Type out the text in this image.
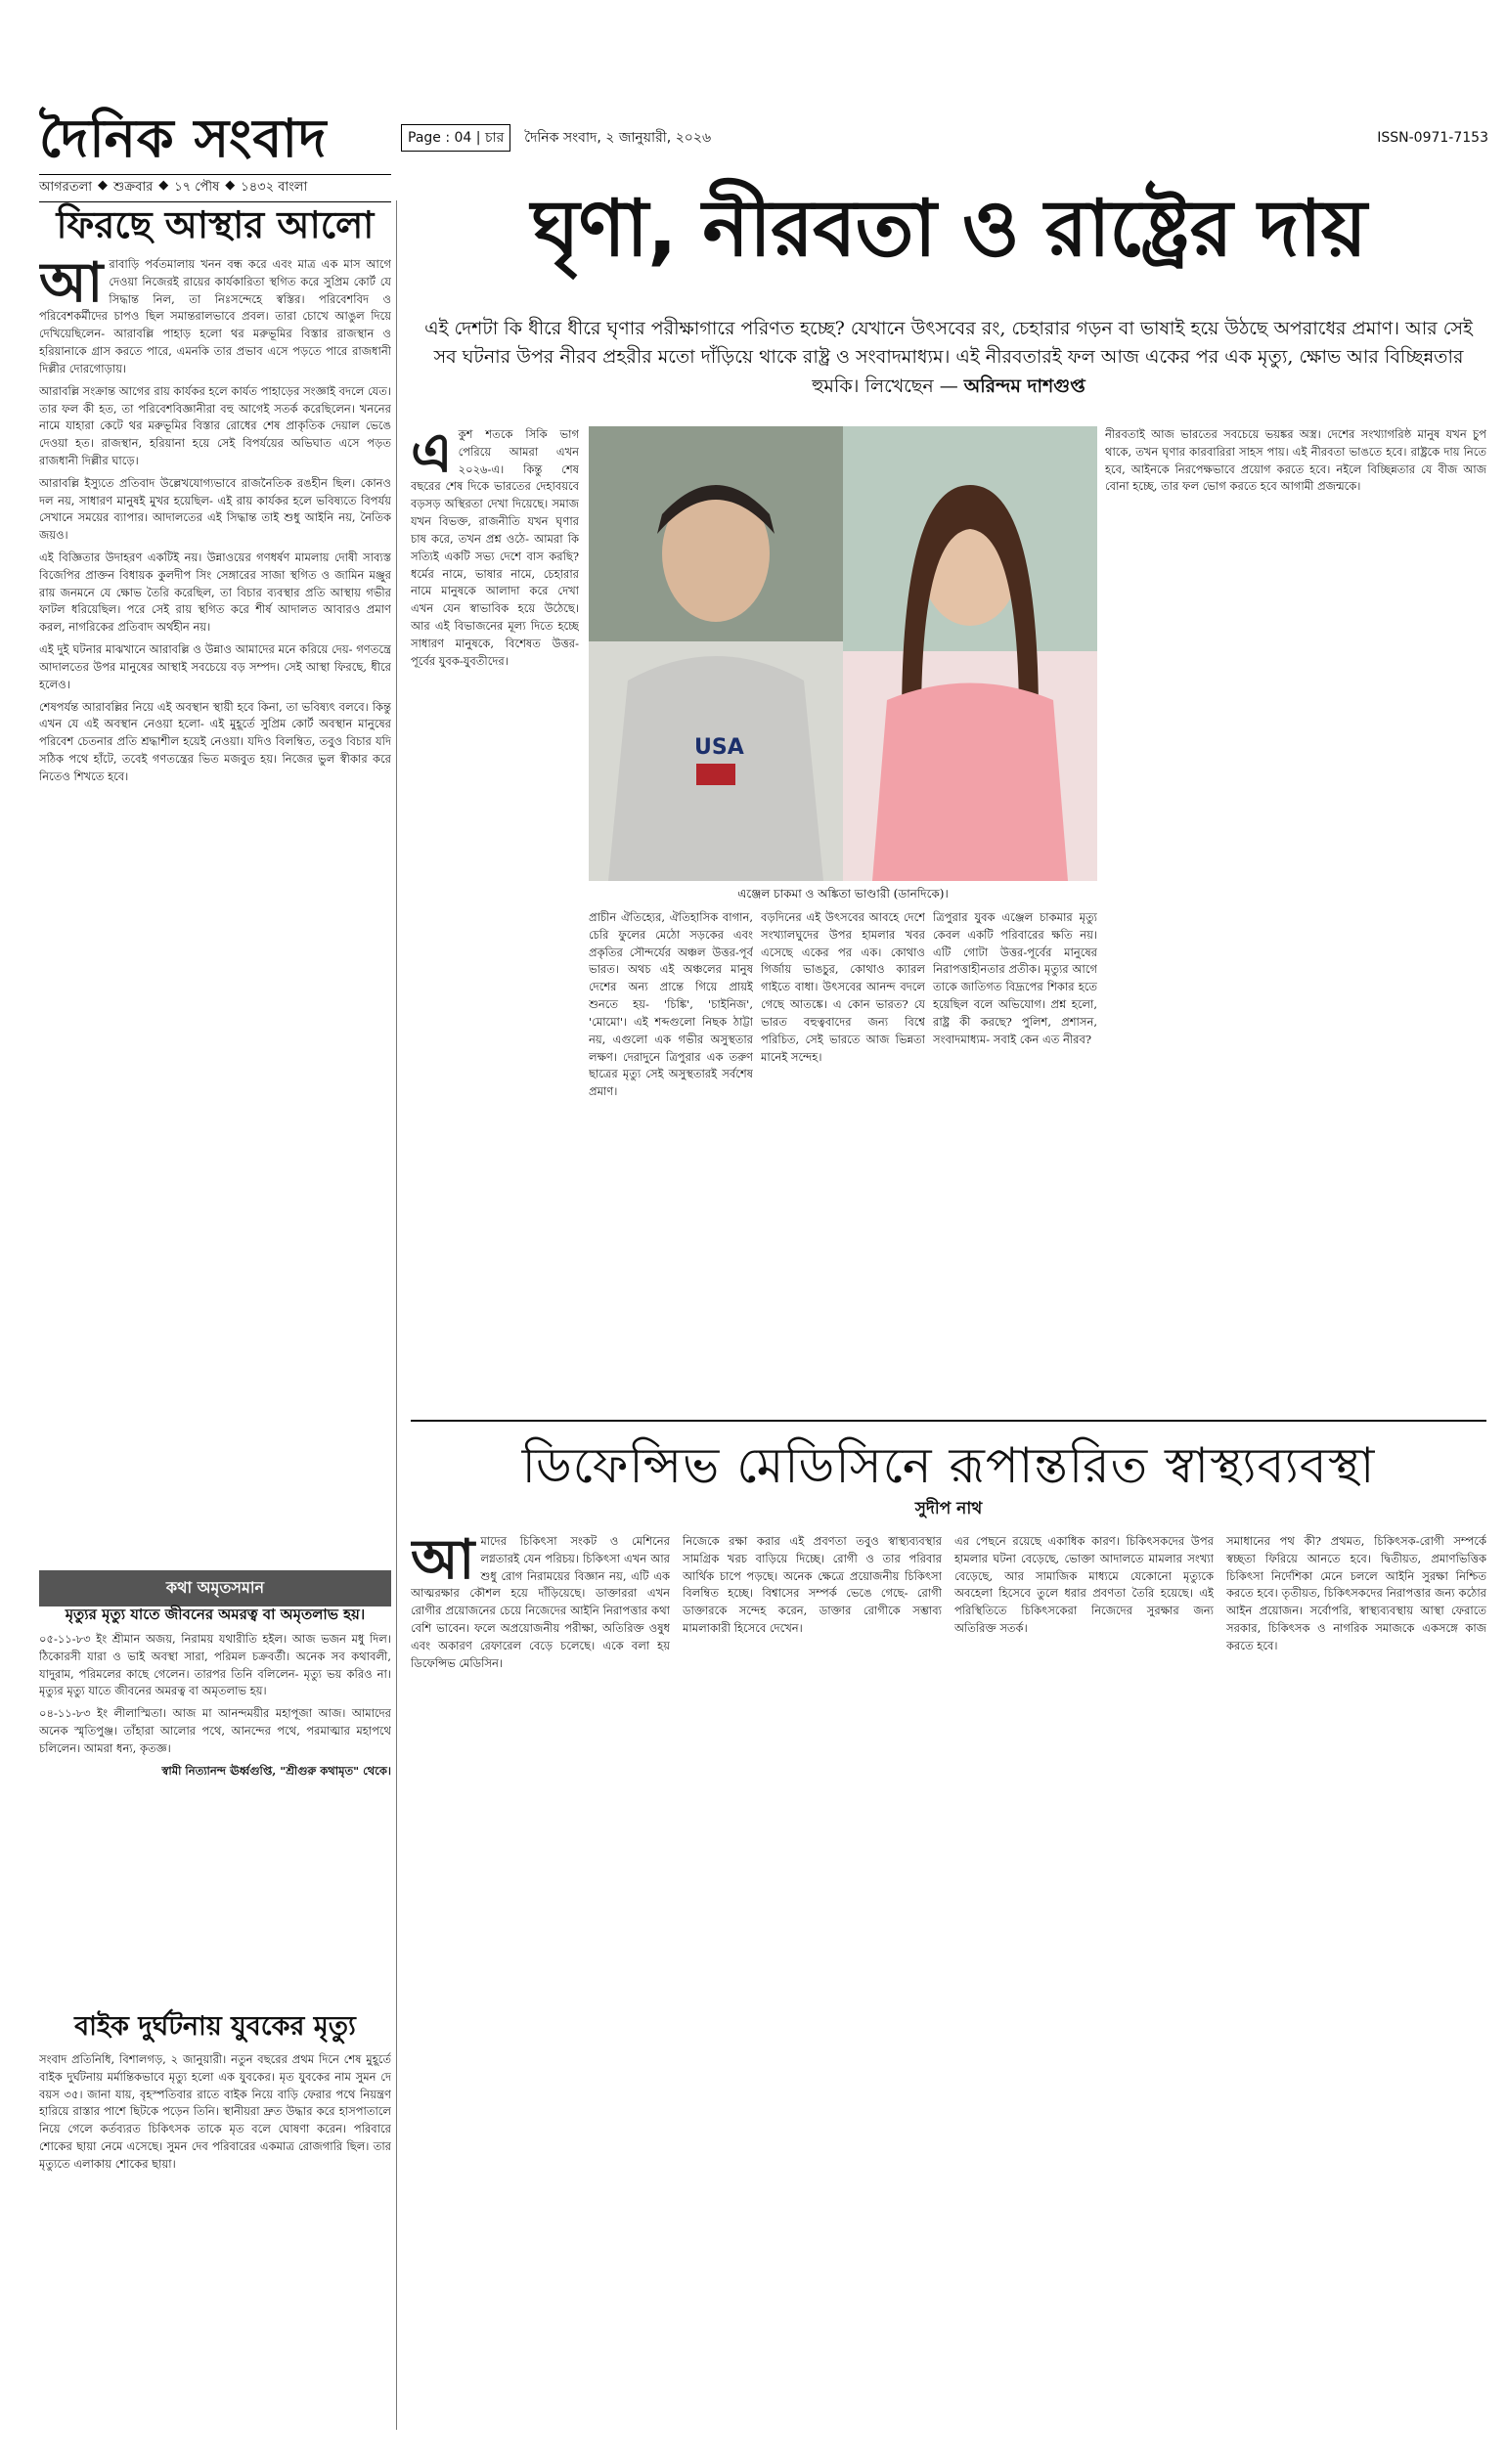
দৈনিক সংবাদ
আগরতলা ◆ শুক্রবার ◆ ১৭ পৌষ ◆ ১৪৩২ বাংলা
Page : 04 | চার	দৈনিক সংবাদ, ২ জানুয়ারী, ২০২৬	ISSN-0971-7153
ফিরছে আস্থার আলো

আরাবাড়ি পর্বতমালায় খনন বন্ধ করে এবং মাত্র এক মাস আগে দেওয়া নিজেরই রায়ের কার্যকারিতা স্থগিত করে সুপ্রিম কোর্ট যে সিদ্ধান্ত নিল, তা নিঃসন্দেহে স্বস্তির। পরিবেশবিদ ও পরিবেশকর্মীদের চাপও ছিল সমান্তরালভাবে প্রবল। তারা চোখে আঙুল দিয়ে দেখিয়েছিলেন- আরাবল্লি পাহাড় হলো থর মরুভূমির বিস্তার রাজস্থান ও হরিয়ানাকে গ্রাস করতে পারে, এমনকি তার প্রভাব এসে পড়তে পারে রাজধানী দিল্লীর দোরগোড়ায়।

আরাবল্লি সংক্রান্ত আগের রায় কার্যকর হলে কার্যত পাহাড়ের সংজ্ঞাই বদলে যেত। তার ফল কী হত, তা পরিবেশবিজ্ঞানীরা বহু আগেই সতর্ক করেছিলেন। খননের নামে যাহারা কেটে থর মরুভূমির বিস্তার রোধের শেষ প্রাকৃতিক দেয়াল ভেঙে দেওয়া হত। রাজস্থান, হরিয়ানা হয়ে সেই বিপর্যয়ের অভিঘাত এসে পড়ত রাজধানী দিল্লীর ঘাড়ে।

আরাবল্লি ইস্যুতে প্রতিবাদ উল্লেখযোগ্যভাবে রাজনৈতিক রঙহীন ছিল। কোনও দল নয়, সাধারণ মানুষই মুখর হয়েছিল- এই রায় কার্যকর হলে ভবিষ্যতে বিপর্যয় সেখানে সময়ের ব্যাপার। আদালতের এই সিদ্ধান্ত তাই শুধু আইনি নয়, নৈতিক জয়ও।

এই বিজ্ঞিতার উদাহরণ একটিই নয়। উন্নাওয়ের গণধর্ষণ মামলায় দোষী সাব্যস্ত বিজেপির প্রাক্তন বিধায়ক কুলদীপ সিং সেঙ্গারের সাজা স্থগিত ও জামিন মঞ্জুর রায় জনমনে যে ক্ষোভ তৈরি করেছিল, তা বিচার ব্যবস্থার প্রতি আস্থায় গভীর ফাটল ধরিয়েছিল। পরে সেই রায় স্থগিত করে শীর্ষ আদালত আবারও প্রমাণ করল, নাগরিকের প্রতিবাদ অর্থহীন নয়।

এই দুই ঘটনার মাঝখানে আরাবল্লি ও উন্নাও আমাদের মনে করিয়ে দেয়- গণতন্ত্রে আদালতের উপর মানুষের আস্থাই সবচেয়ে বড় সম্পদ। সেই আস্থা ফিরছে, ধীরে হলেও।

শেষপর্যন্ত আরাবল্লির নিয়ে এই অবস্থান স্থায়ী হবে কিনা, তা ভবিষ্যৎ বলবে। কিন্তু এখন যে এই অবস্থান নেওয়া হলো- এই মুহূর্তে সুপ্রিম কোর্ট অবস্থান মানুষের পরিবেশ চেতনার প্রতি শ্রদ্ধাশীল হয়েই নেওয়া। যদিও বিলম্বিত, তবুও বিচার যদি সঠিক পথে হাঁটে, তবেই গণতন্ত্রের ভিত মজবুত হয়। নিজের ভুল স্বীকার করে নিতেও শিখতে হবে।

কথা অমৃতসমান
মৃত্যুর মৃত্যু যাতে জীবনের অমরত্ব বা অমৃতলাভ হয়।

০৫-১১-৮৩ ইং শ্রীমান অজয়, নিরাময় যথারীতি হইল। আজ ভজন মধু দিল। ঠিকোরসী যারা ও ভাই অবস্থা সারা, পরিমল চক্রবর্তী। অনেক সব কথাবলী, যাদুরাম, পরিমলের কাছে গেলেন। তারপর তিনি বলিলেন- মৃত্যু ভয় করিও না। মৃত্যুর মৃত্যু যাতে জীবনের অমরত্ব বা অমৃতলাভ হয়।

০৪-১১-৮৩ ইং লীলাস্মিতা। আজ মা আনন্দময়ীর মহাপূজা আজ। আমাদের অনেক স্মৃতিপুঞ্জ। তাঁহারা আলোর পথে, আনন্দের পথে, পরমাত্মার মহাপথে চলিলেন। আমরা ধন্য, কৃতজ্ঞ।

স্বামী নিত্যানন্দ ঊর্ধ্বগুপ্তি, "শ্রীগুরু কথামৃত" থেকে।

বাইক দুর্ঘটনায় যুবকের মৃত্যু

সংবাদ প্রতিনিধি, বিশালগড়, ২ জানুয়ারী। নতুন বছরের প্রথম দিনে শেষ মুহূর্তে বাইক দুর্ঘটনায় মর্মান্তিকভাবে মৃত্যু হলো এক যুবকের। মৃত যুবকের নাম সুমন দে বয়স ৩৫। জানা যায়, বৃহস্পতিবার রাতে বাইক নিয়ে বাড়ি ফেরার পথে নিয়ন্ত্রণ হারিয়ে রাস্তার পাশে ছিটকে পড়েন তিনি। স্থানীয়রা দ্রুত উদ্ধার করে হাসপাতালে নিয়ে গেলে কর্তব্যরত চিকিৎসক তাকে মৃত বলে ঘোষণা করেন। পরিবারে শোকের ছায়া নেমে এসেছে। সুমন দেব পরিবারের একমাত্র রোজগারি ছিল। তার মৃত্যুতে এলাকায় শোকের ছায়া।

ঘৃণা, নীরবতা ও রাষ্ট্রের দায়
এই দেশটা কি ধীরে ধীরে ঘৃণার পরীক্ষাগারে পরিণত হচ্ছে? যেখানে উৎসবের রং, চেহারার গড়ন বা ভাষাই হয়ে উঠছে অপরাধের প্রমাণ। আর সেই সব ঘটনার উপর নীরব প্রহরীর মতো দাঁড়িয়ে থাকে রাষ্ট্র ও সংবাদমাধ্যম। এই নীরবতারই ফল আজ একের পর এক মৃত্যু, ক্ষোভ আর বিচ্ছিন্নতার হুমকি। লিখেছেন — অরিন্দম দাশগুপ্ত

একুশ শতকে সিকি ভাগ পেরিয়ে আমরা এখন ২০২৬-এ। কিন্তু শেষ বছরের শেষ দিকে ভারতের দেহাবয়বে বড়সড় অস্থিরতা দেখা দিয়েছে। সমাজ যখন বিভক্ত, রাজনীতি যখন ঘৃণার চাষ করে, তখন প্রশ্ন ওঠে- আমরা কি সত্যিই একটি সভ্য দেশে বাস করছি? ধর্মের নামে, ভাষার নামে, চেহারার নামে মানুষকে আলাদা করে দেখা এখন যেন স্বাভাবিক হয়ে উঠেছে। আর এই বিভাজনের মূল্য দিতে হচ্ছে সাধারণ মানুষকে, বিশেষত উত্তর-পূর্বের যুবক-যুবতীদের।

USA
এঞ্জেল চাকমা ও অঙ্কিতা ভাণ্ডারী (ডানদিকে)।

নীরবতাই আজ ভারতের সবচেয়ে ভয়ঙ্কর অস্ত্র। দেশের সংখ্যাগরিষ্ঠ মানুষ যখন চুপ থাকে, তখন ঘৃণার কারবারিরা সাহস পায়। এই নীরবতা ভাঙতে হবে। রাষ্ট্রকে দায় নিতে হবে, আইনকে নিরপেক্ষভাবে প্রয়োগ করতে হবে। নইলে বিচ্ছিন্নতার যে বীজ আজ বোনা হচ্ছে, তার ফল ভোগ করতে হবে আগামী প্রজন্মকে।

প্রাচীন ঐতিহ্যের, ঐতিহাসিক বাগান, চেরি ফুলের মেঠো সড়কের এবং প্রকৃতির সৌন্দর্যের অঞ্চল উত্তর-পূর্ব ভারত। অথচ এই অঞ্চলের মানুষ দেশের অন্য প্রান্তে গিয়ে প্রায়ই শুনতে হয়- 'চিঙ্কি', 'চাইনিজ', 'মোমো'। এই শব্দগুলো নিছক ঠাট্টা নয়, এগুলো এক গভীর অসুস্থতার লক্ষণ। দেরাদুনে ত্রিপুরার এক তরুণ ছাত্রের মৃত্যু সেই অসুস্থতারই সর্বশেষ প্রমাণ।

বড়দিনের এই উৎসবের আবহে দেশে সংখ্যালঘুদের উপর হামলার খবর এসেছে একের পর এক। কোথাও গির্জায় ভাঙচুর, কোথাও ক্যারল গাইতে বাধা। উৎসবের আনন্দ বদলে গেছে আতঙ্কে। এ কোন ভারত? যে ভারত বহুত্ববাদের জন্য বিশ্বে পরিচিত, সেই ভারতে আজ ভিন্নতা মানেই সন্দেহ।

ত্রিপুরার যুবক এঞ্জেল চাকমার মৃত্যু কেবল একটি পরিবারের ক্ষতি নয়। এটি গোটা উত্তর-পূর্বের মানুষের নিরাপত্তাহীনতার প্রতীক। মৃত্যুর আগে তাকে জাতিগত বিদ্রূপের শিকার হতে হয়েছিল বলে অভিযোগ। প্রশ্ন হলো, রাষ্ট্র কী করছে? পুলিশ, প্রশাসন, সংবাদমাধ্যম- সবাই কেন এত নীরব?

ডিফেন্সিভ মেডিসিনে রূপান্তরিত স্বাস্থ্যব্যবস্থা
সুদীপ নাথ

আমাদের চিকিৎসা সংকট ও মেশিনের লগ্নতারই যেন পরিচয়। চিকিৎসা এখন আর শুধু রোগ নিরাময়ের বিজ্ঞান নয়, এটি এক আত্মরক্ষার কৌশল হয়ে দাঁড়িয়েছে। ডাক্তাররা এখন রোগীর প্রয়োজনের চেয়ে নিজেদের আইনি নিরাপত্তার কথা বেশি ভাবেন। ফলে অপ্রয়োজনীয় পরীক্ষা, অতিরিক্ত ওষুধ এবং অকারণ রেফারেল বেড়ে চলেছে। একে বলা হয় ডিফেন্সিভ মেডিসিন।

নিজেকে রক্ষা করার এই প্রবণতা তবুও স্বাস্থ্যব্যবস্থার সামগ্রিক খরচ বাড়িয়ে দিচ্ছে। রোগী ও তার পরিবার আর্থিক চাপে পড়ছে। অনেক ক্ষেত্রে প্রয়োজনীয় চিকিৎসা বিলম্বিত হচ্ছে। বিশ্বাসের সম্পর্ক ভেঙে গেছে- রোগী ডাক্তারকে সন্দেহ করেন, ডাক্তার রোগীকে সম্ভাব্য মামলাকারী হিসেবে দেখেন।

এর পেছনে রয়েছে একাধিক কারণ। চিকিৎসকদের উপর হামলার ঘটনা বেড়েছে, ভোক্তা আদালতে মামলার সংখ্যা বেড়েছে, আর সামাজিক মাধ্যমে যেকোনো মৃত্যুকে অবহেলা হিসেবে তুলে ধরার প্রবণতা তৈরি হয়েছে। এই পরিস্থিতিতে চিকিৎসকেরা নিজেদের সুরক্ষার জন্য অতিরিক্ত সতর্ক।

সমাধানের পথ কী? প্রথমত, চিকিৎসক-রোগী সম্পর্কে স্বচ্ছতা ফিরিয়ে আনতে হবে। দ্বিতীয়ত, প্রমাণভিত্তিক চিকিৎসা নির্দেশিকা মেনে চললে আইনি সুরক্ষা নিশ্চিত করতে হবে। তৃতীয়ত, চিকিৎসকদের নিরাপত্তার জন্য কঠোর আইন প্রয়োজন। সর্বোপরি, স্বাস্থ্যব্যবস্থায় আস্থা ফেরাতে সরকার, চিকিৎসক ও নাগরিক সমাজকে একসঙ্গে কাজ করতে হবে।
